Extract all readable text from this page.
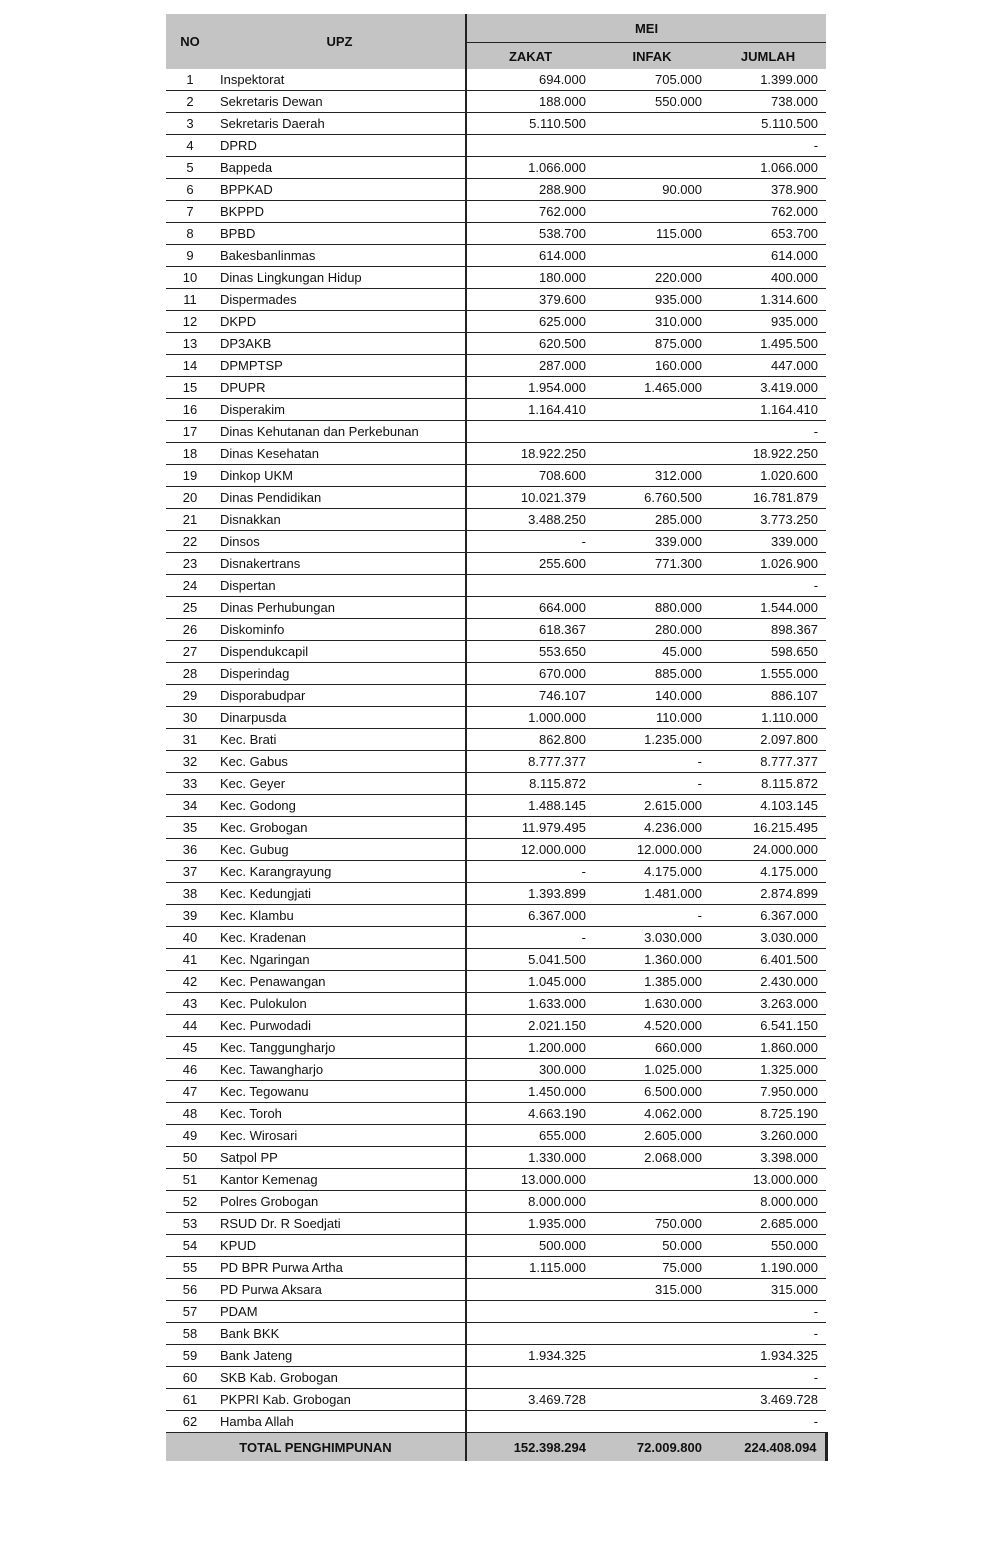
NO	UPZ	MEI		
		ZAKAT	INFAK	JUMLAH
1	Inspektorat	694.000	705.000	1.399.000
2	Sekretaris Dewan	188.000	550.000	738.000
3	Sekretaris Daerah	5.110.500		5.110.500
4	DPRD			-
5	Bappeda	1.066.000		1.066.000
6	BPPKAD	288.900	90.000	378.900
7	BKPPD	762.000		762.000
8	BPBD	538.700	115.000	653.700
9	Bakesbanlinmas	614.000		614.000
10	Dinas Lingkungan Hidup	180.000	220.000	400.000
11	Dispermades	379.600	935.000	1.314.600
12	DKPD	625.000	310.000	935.000
13	DP3AKB	620.500	875.000	1.495.500
14	DPMPTSP	287.000	160.000	447.000
15	DPUPR	1.954.000	1.465.000	3.419.000
16	Disperakim	1.164.410		1.164.410
17	Dinas Kehutanan dan Perkebunan			-
18	Dinas Kesehatan	18.922.250		18.922.250
19	Dinkop UKM	708.600	312.000	1.020.600
20	Dinas Pendidikan	10.021.379	6.760.500	16.781.879
21	Disnakkan	3.488.250	285.000	3.773.250
22	Dinsos	-	339.000	339.000
23	Disnakertrans	255.600	771.300	1.026.900
24	Dispertan			-
25	Dinas Perhubungan	664.000	880.000	1.544.000
26	Diskominfo	618.367	280.000	898.367
27	Dispendukcapil	553.650	45.000	598.650
28	Disperindag	670.000	885.000	1.555.000
29	Disporabudpar	746.107	140.000	886.107
30	Dinarpusda	1.000.000	110.000	1.110.000
31	Kec. Brati	862.800	1.235.000	2.097.800
32	Kec. Gabus	8.777.377	-	8.777.377
33	Kec. Geyer	8.115.872	-	8.115.872
34	Kec. Godong	1.488.145	2.615.000	4.103.145
35	Kec. Grobogan	11.979.495	4.236.000	16.215.495
36	Kec. Gubug	12.000.000	12.000.000	24.000.000
37	Kec. Karangrayung	-	4.175.000	4.175.000
38	Kec. Kedungjati	1.393.899	1.481.000	2.874.899
39	Kec. Klambu	6.367.000	-	6.367.000
40	Kec. Kradenan	-	3.030.000	3.030.000
41	Kec. Ngaringan	5.041.500	1.360.000	6.401.500
42	Kec. Penawangan	1.045.000	1.385.000	2.430.000
43	Kec. Pulokulon	1.633.000	1.630.000	3.263.000
44	Kec. Purwodadi	2.021.150	4.520.000	6.541.150
45	Kec. Tanggungharjo	1.200.000	660.000	1.860.000
46	Kec. Tawangharjo	300.000	1.025.000	1.325.000
47	Kec. Tegowanu	1.450.000	6.500.000	7.950.000
48	Kec. Toroh	4.663.190	4.062.000	8.725.190
49	Kec. Wirosari	655.000	2.605.000	3.260.000
50	Satpol PP	1.330.000	2.068.000	3.398.000
51	Kantor Kemenag	13.000.000		13.000.000
52	Polres Grobogan	8.000.000		8.000.000
53	RSUD Dr. R Soedjati	1.935.000	750.000	2.685.000
54	KPUD	500.000	50.000	550.000
55	PD BPR Purwa Artha	1.115.000	75.000	1.190.000
56	PD Purwa Aksara		315.000	315.000
57	PDAM			-
58	Bank BKK			-
59	Bank Jateng	1.934.325		1.934.325
60	SKB Kab. Grobogan			-
61	PKPRI Kab. Grobogan	3.469.728		3.469.728
62	Hamba Allah			-
TOTAL PENGHIMPUNAN		152.398.294	72.009.800	224.408.094
